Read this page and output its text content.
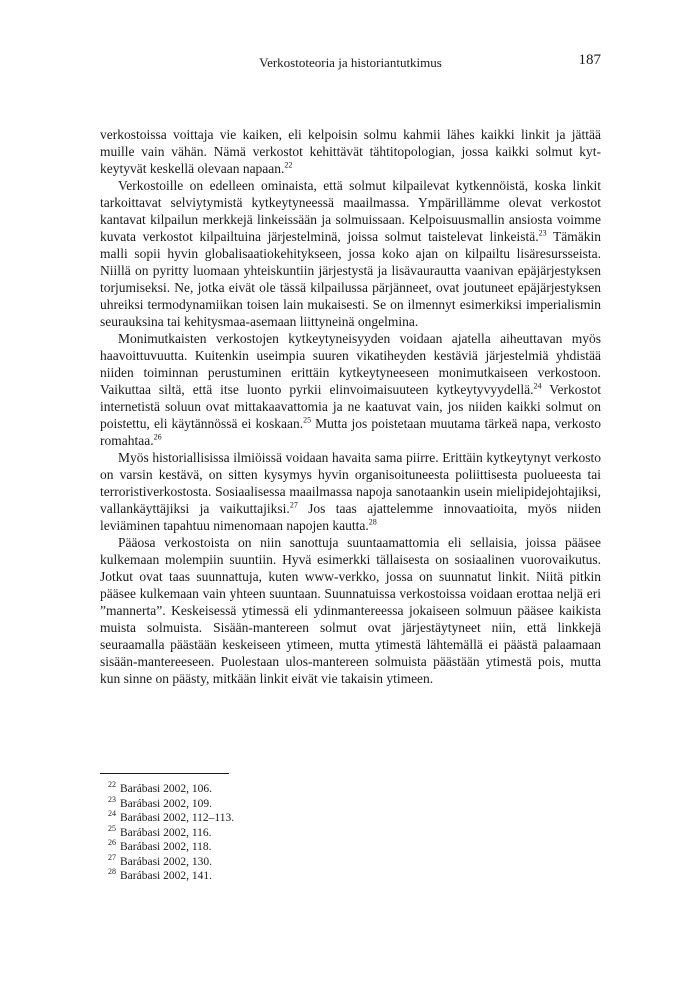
Verkostoteoria ja historiantutkimus	187

verkostoissa voittaja vie kaiken, eli kelpoisin solmu kahmii lähes kaikki linkit ja jättää muille vain vähän. Nämä verkostot kehittävät tähtitopologian, jossa kaikki solmut kytkeytyvät keskellä olevaan napaan.$^{22}$

Verkostoille on edelleen ominaista, että solmut kilpailevat kytkennöistä, koska linkit tarkoittavat selviytymistä kytkeytyneessä maailmassa. Ympärillämme olevat verkostot kantavat kilpailun merkkejä linkeissään ja solmuissaan. Kelpoisuusmallin ansiosta voimme kuvata verkostot kilpailtuina järjestelminä, joissa solmut taistelevat linkeistä.$^{23}$ Tämäkin malli sopii hyvin globalisaatiokehitykseen, jossa koko ajan on kilpailtu lisäresursseista. Niillä on pyritty luomaan yhteiskuntiin järjestystä ja lisävaurautta vaanivan epäjärjestyksen torjumiseksi. Ne, jotka eivät ole tässä kilpailussa pärjänneet, ovat joutuneet epäjärjestyksen uhreiksi termodynamiikan toisen lain mukaisesti. Se on ilmennyt esimerkiksi imperialismin seurauksina tai kehitysmaa-asemaan liittyneinä ongelmina.

Monimutkaisten verkostojen kytkeytyneisyyden voidaan ajatella aiheuttavan myös haavoittuvuutta. Kuitenkin useimpia suuren vikatiheyden kestäviä järjestelmiä yhdistää niiden toiminnan perustuminen erittäin kytkeytyneeseen monimutkaiseen verkostoon. Vaikuttaa siltä, että itse luonto pyrkii elinvoimaisuuteen kytkeytyvyydellä.$^{24}$ Verkostot internetistä soluun ovat mittakaavattomia ja ne kaatuvat vain, jos niiden kaikki solmut on poistettu, eli käytännössä ei koskaan.$^{25}$ Mutta jos poistetaan muutama tärkeä napa, verkosto romahtaa.$^{26}$

Myös historiallisissa ilmiöissä voidaan havaita sama piirre. Erittäin kytkeytynyt verkosto on varsin kestävä, on sitten kysymys hyvin organisoituneesta poliittisesta puolueesta tai terroristiverkostosta. Sosiaalisessa maailmassa napoja sanotaankin usein mielipidejohtajiksi, vallankäyttäjiksi ja vaikuttajiksi.$^{27}$ Jos taas ajattelemme innovaatioita, myös niiden leviäminen tapahtuu nimenomaan napojen kautta.$^{28}$

Pääosa verkostoista on niin sanottuja suuntaamattomia eli sellaisia, joissa pääsee kulkemaan molempiin suuntiin. Hyvä esimerkki tällaisesta on sosiaalinen vuorovaikutus. Jotkut ovat taas suunnattuja, kuten www-verkko, jossa on suunnatut linkit. Niitä pitkin pääsee kulkemaan vain yhteen suuntaan. Suunnatuissa verkostoissa voidaan erottaa neljä eri ”mannerta”. Keskeisessä ytimessä eli ydinmantereessa jokaiseen solmuun pääsee kaikista muista solmuista. Sisään-mantereen solmut ovat järjestäytyneet niin, että linkkejä seuraamalla päästään keskeiseen ytimeen, mutta ytimestä lähtemällä ei päästä palaamaan sisään-mantereeseen. Puolestaan ulos-mantereen solmuista päästään ytimestä pois, mutta kun sinne on päästy, mitkään linkit eivät vie takaisin ytimeen.

$^{22}$ Barábasi 2002, 106.
$^{23}$ Barábasi 2002, 109.
$^{24}$ Barábasi 2002, 112–113.
$^{25}$ Barábasi 2002, 116.
$^{26}$ Barábasi 2002, 118.
$^{27}$ Barábasi 2002, 130.
$^{28}$ Barábasi 2002, 141.
